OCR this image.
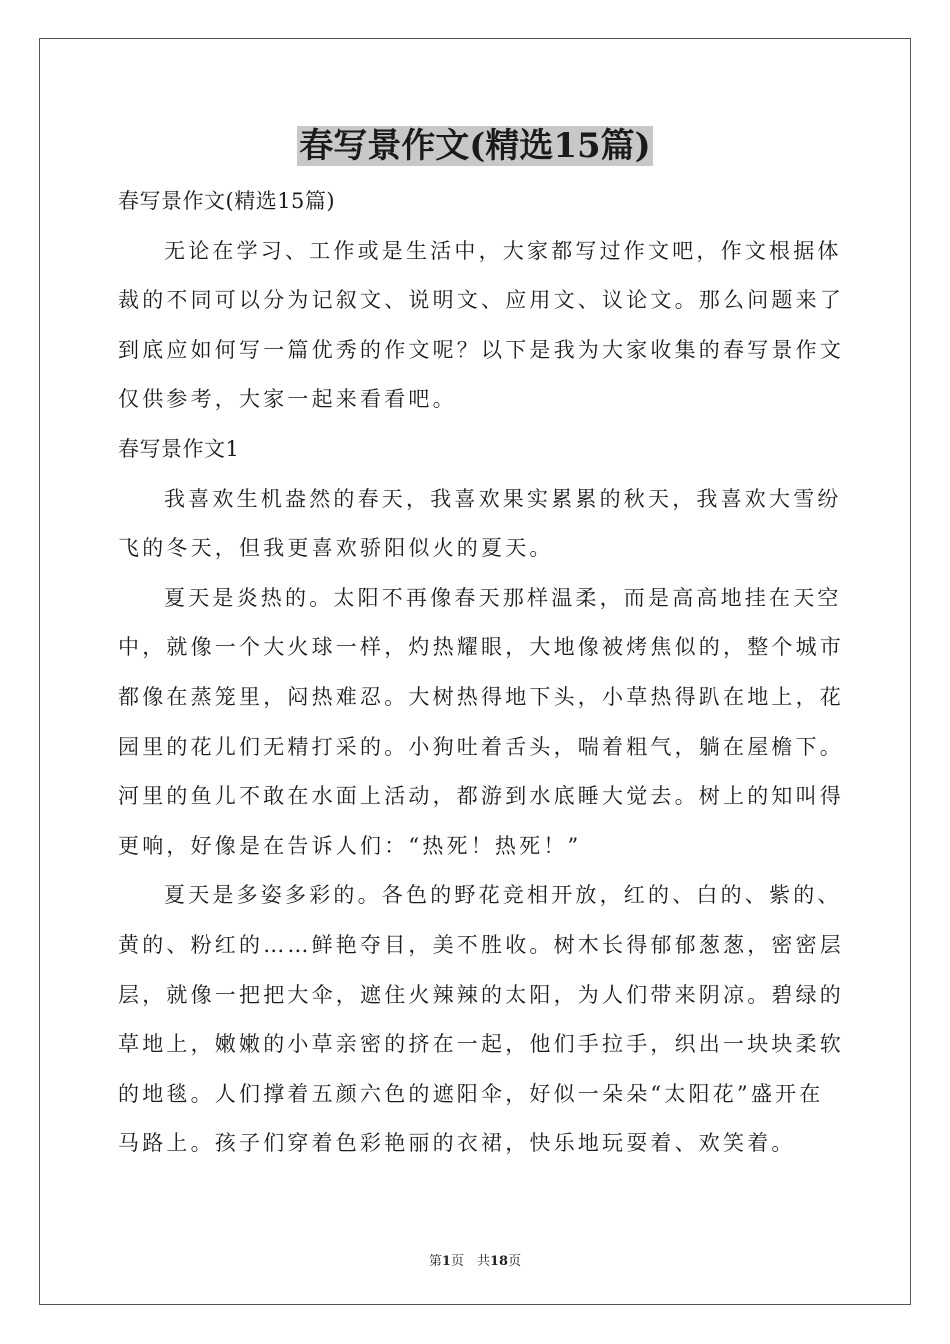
春写景作文(精选15篇)
春写景作文(精选15篇)
无论在学习、工作或是生活中，大家都写过作文吧，作文根据体
裁的不同可以分为记叙文、说明文、应用文、议论文。那么问题来了
到底应如何写一篇优秀的作文呢？以下是我为大家收集的春写景作文
仅供参考，大家一起来看看吧。
春写景作文1
我喜欢生机盎然的春天，我喜欢果实累累的秋天，我喜欢大雪纷
飞的冬天，但我更喜欢骄阳似火的夏天。
夏天是炎热的。太阳不再像春天那样温柔，而是高高地挂在天空
中，就像一个大火球一样，灼热耀眼，大地像被烤焦似的，整个城市
都像在蒸笼里，闷热难忍。大树热得地下头，小草热得趴在地上，花
园里的花儿们无精打采的。小狗吐着舌头，喘着粗气，躺在屋檐下。
河里的鱼儿不敢在水面上活动，都游到水底睡大觉去。树上的知叫得
更响，好像是在告诉人们：“热死！热死！”
夏天是多姿多彩的。各色的野花竞相开放，红的、白的、紫的、
黄的、粉红的……鲜艳夺目，美不胜收。树木长得郁郁葱葱，密密层
层，就像一把把大伞，遮住火辣辣的太阳，为人们带来阴凉。碧绿的
草地上，嫩嫩的小草亲密的挤在一起，他们手拉手，织出一块块柔软
的地毯。人们撑着五颜六色的遮阳伞，好似一朵朵“太阳花”盛开在
马路上。孩子们穿着色彩艳丽的衣裙，快乐地玩耍着、欢笑着。
第1页　共18页
